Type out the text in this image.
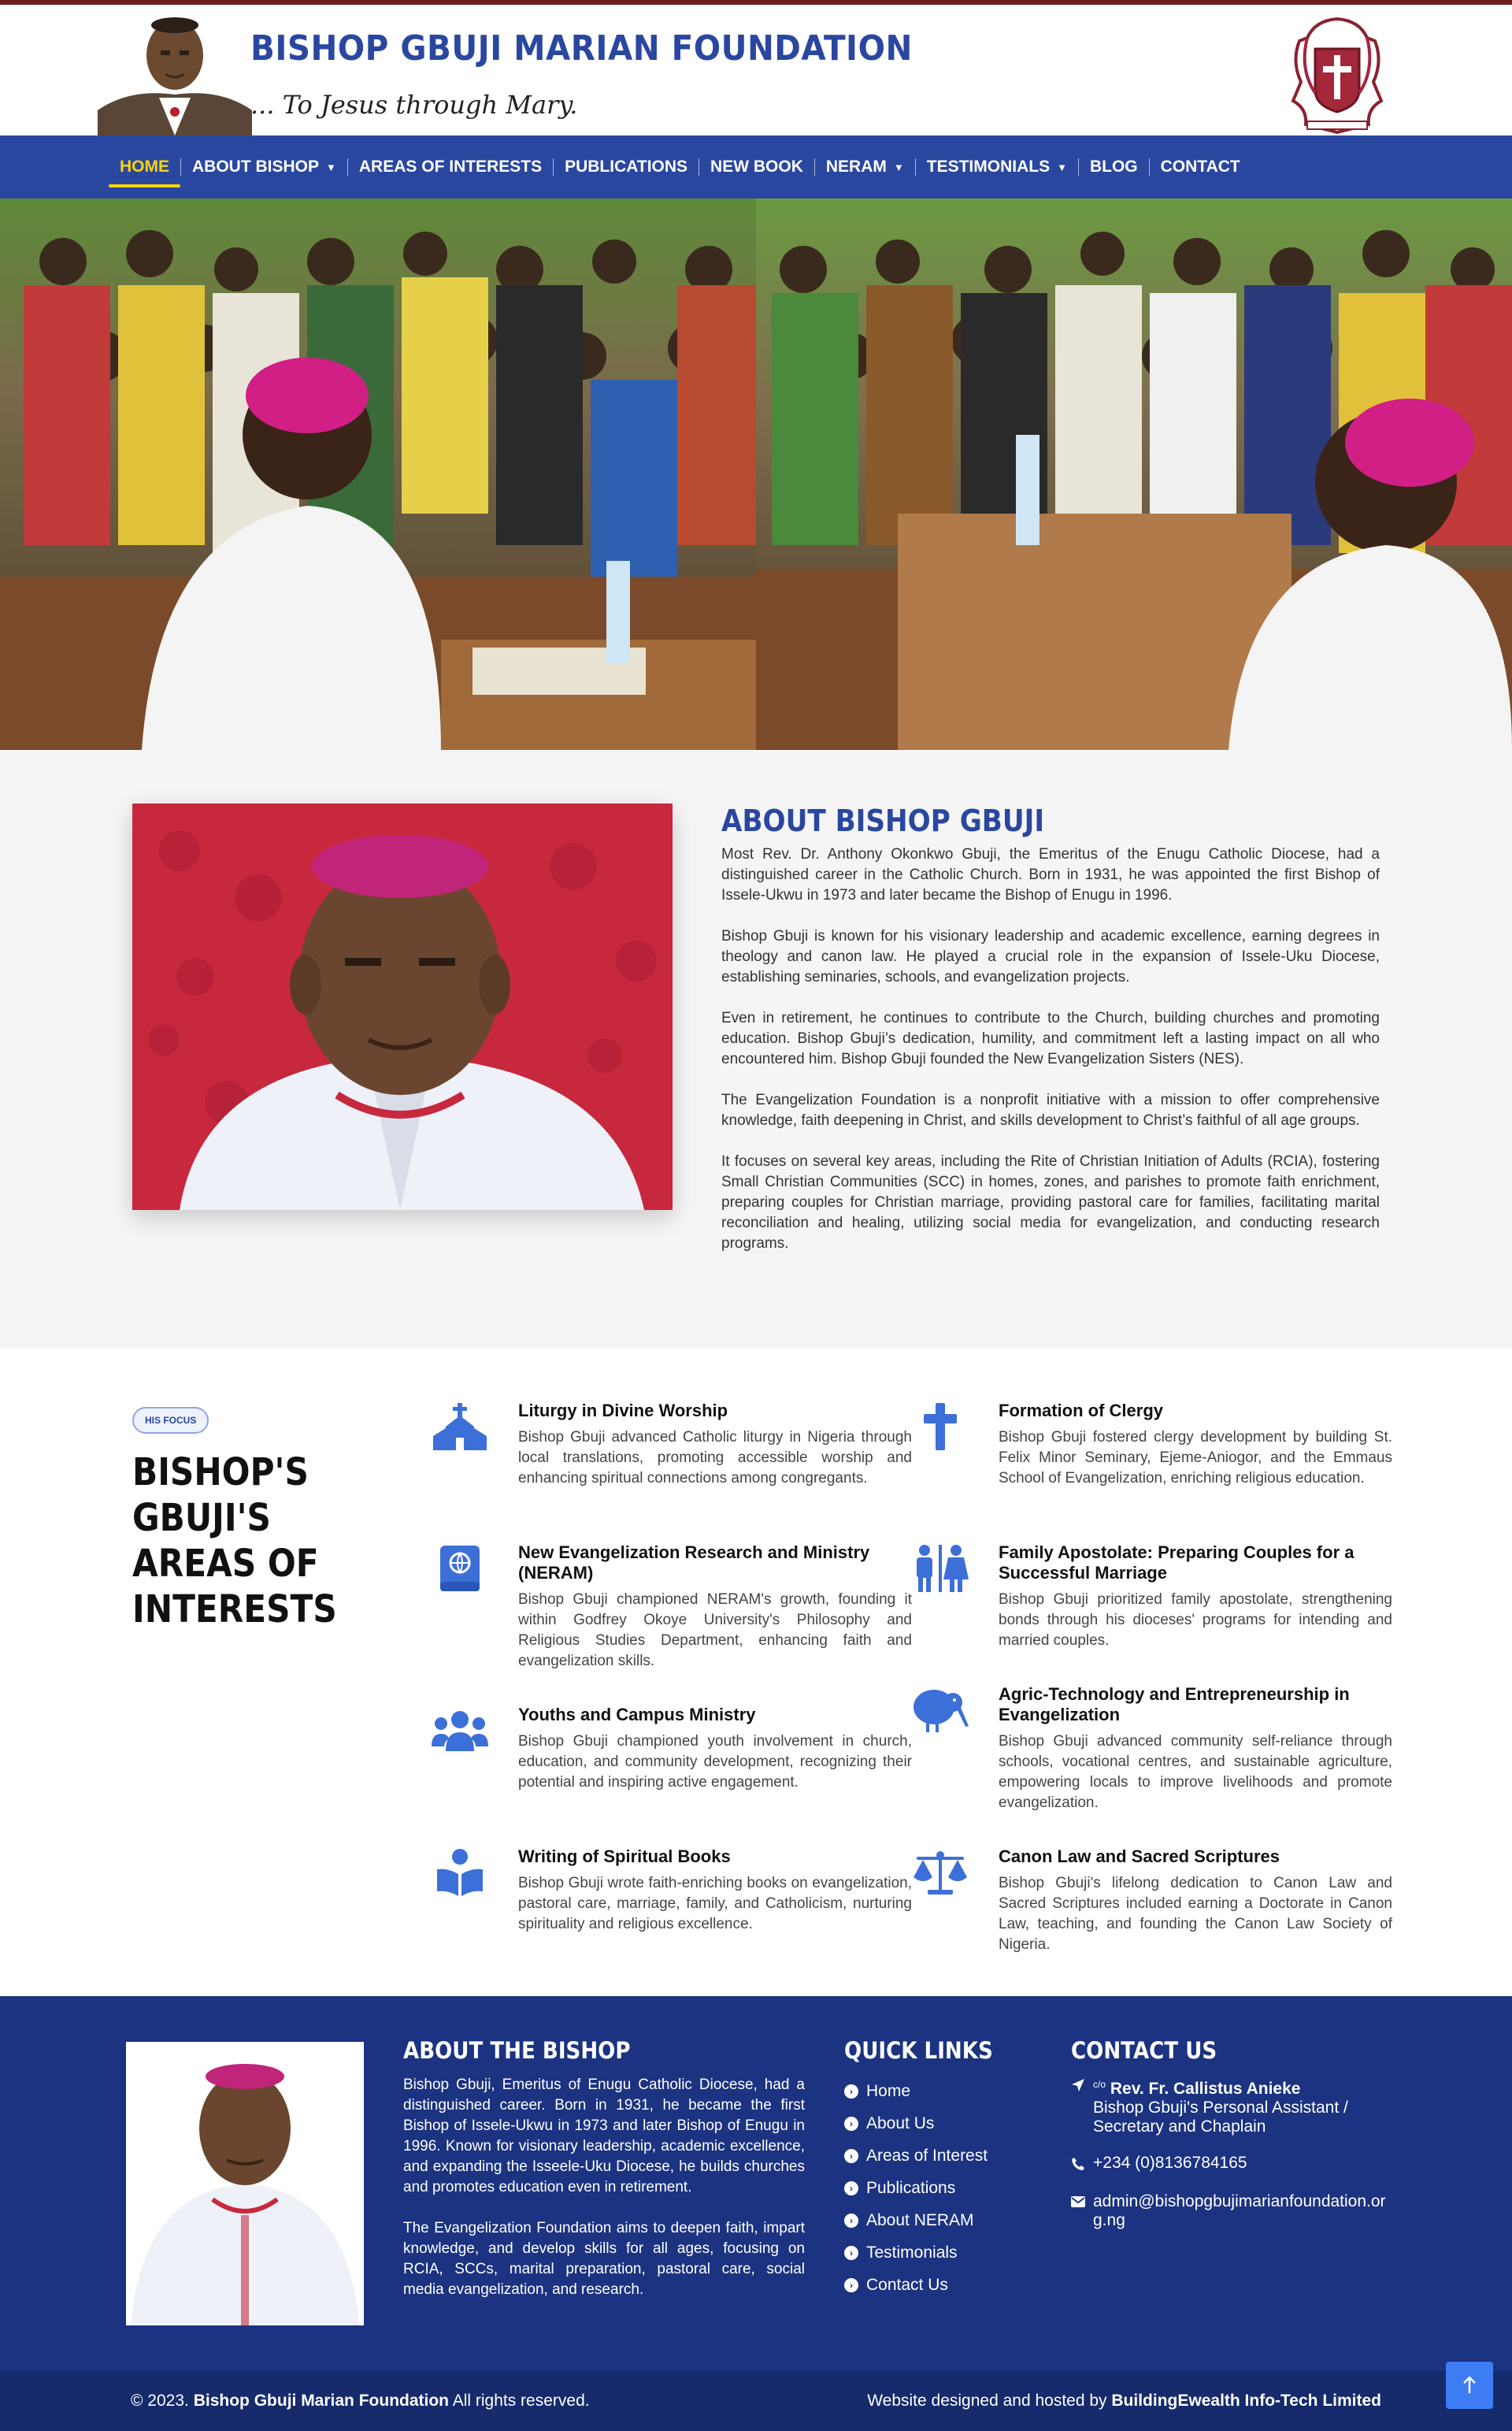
BISHOP GBUJI MARIAN FOUNDATION
... To Jesus through Mary.
HOME ABOUT BISHOP ▼ AREAS OF INTERESTS PUBLICATIONS NEW BOOK NERAM ▼ TESTIMONIALS ▼ BLOG CONTACT
ABOUT BISHOP GBUJI

Most Rev. Dr. Anthony Okonkwo Gbuji, the Emeritus of the Enugu Catholic Diocese, had a distinguished career in the Catholic Church. Born in 1931, he was appointed the first Bishop of Issele-Ukwu in 1973 and later became the Bishop of Enugu in 1996.

Bishop Gbuji is known for his visionary leadership and academic excellence, earning degrees in theology and canon law. He played a crucial role in the expansion of Issele-Uku Diocese, establishing seminaries, schools, and evangelization projects.

Even in retirement, he continues to contribute to the Church, building churches and promoting education. Bishop Gbuji’s dedication, humility, and commitment left a lasting impact on all who encountered him. Bishop Gbuji founded the New Evangelization Sisters (NES).

The Evangelization Foundation is a nonprofit initiative with a mission to offer comprehensive knowledge, faith deepening in Christ, and skills development to Christ’s faithful of all age groups.

It focuses on several key areas, including the Rite of Christian Initiation of Adults (RCIA), fostering Small Christian Communities (SCC) in homes, zones, and parishes to promote faith enrichment, preparing couples for Christian marriage, providing pastoral care for families, facilitating marital reconciliation and healing, utilizing social media for evangelization, and conducting research programs.

HIS FOCUS
BISHOP'S GBUJI'S AREAS OF INTERESTS
Liturgy in Divine Worship

Bishop Gbuji advanced Catholic liturgy in Nigeria through local translations, promoting accessible worship and enhancing spiritual connections among congregants.

Formation of Clergy

Bishop Gbuji fostered clergy development by building St. Felix Minor Seminary, Ejeme-Aniogor, and the Emmaus School of Evangelization, enriching religious education.

New Evangelization Research and Ministry (NERAM)

Bishop Gbuji championed NERAM's growth, founding it within Godfrey Okoye University's Philosophy and Religious Studies Department, enhancing faith and evangelization skills.

Family Apostolate: Preparing Couples for a Successful Marriage

Bishop Gbuji prioritized family apostolate, strengthening bonds through his dioceses' programs for intending and married couples.

Youths and Campus Ministry

Bishop Gbuji championed youth involvement in church, education, and community development, recognizing their potential and inspiring active engagement.

Agric-Technology and Entrepreneurship in Evangelization

Bishop Gbuji advanced community self-reliance through schools, vocational centres, and sustainable agriculture, empowering locals to improve livelihoods and promote evangelization.

Writing of Spiritual Books

Bishop Gbuji wrote faith-enriching books on evangelization, pastoral care, marriage, family, and Catholicism, nurturing spirituality and religious excellence.

Canon Law and Sacred Scriptures

Bishop Gbuji's lifelong dedication to Canon Law and Sacred Scriptures included earning a Doctorate in Canon Law, teaching, and founding the Canon Law Society of Nigeria.

ABOUT THE BISHOP

Bishop Gbuji, Emeritus of Enugu Catholic Diocese, had a distinguished career. Born in 1931, he became the first Bishop of Issele-Ukwu in 1973 and later Bishop of Enugu in 1996. Known for visionary leadership, academic excellence, and expanding the Isseele-Uku Diocese, he builds churches and promotes education even in retirement.

The Evangelization Foundation aims to deepen faith, impart knowledge, and develop skills for all ages, focusing on RCIA, SCCs, marital preparation, pastoral care, social media evangelization, and research.

QUICK LINKS
› Home
› About Us
› Areas of Interest
› Publications
› About NERAM
› Testimonials
› Contact Us
CONTACT US
$^{c/o}$ Rev. Fr. Callistus Anieke
Bishop Gbuji's Personal Assistant / Secretary and Chaplain
+234 (0)8136784165
admin@bishopgbujimarianfoundation.org.ng
© 2023. Bishop Gbuji Marian Foundation All rights reserved.	Website designed and hosted by BuildingEwealth Info-Tech Limited
